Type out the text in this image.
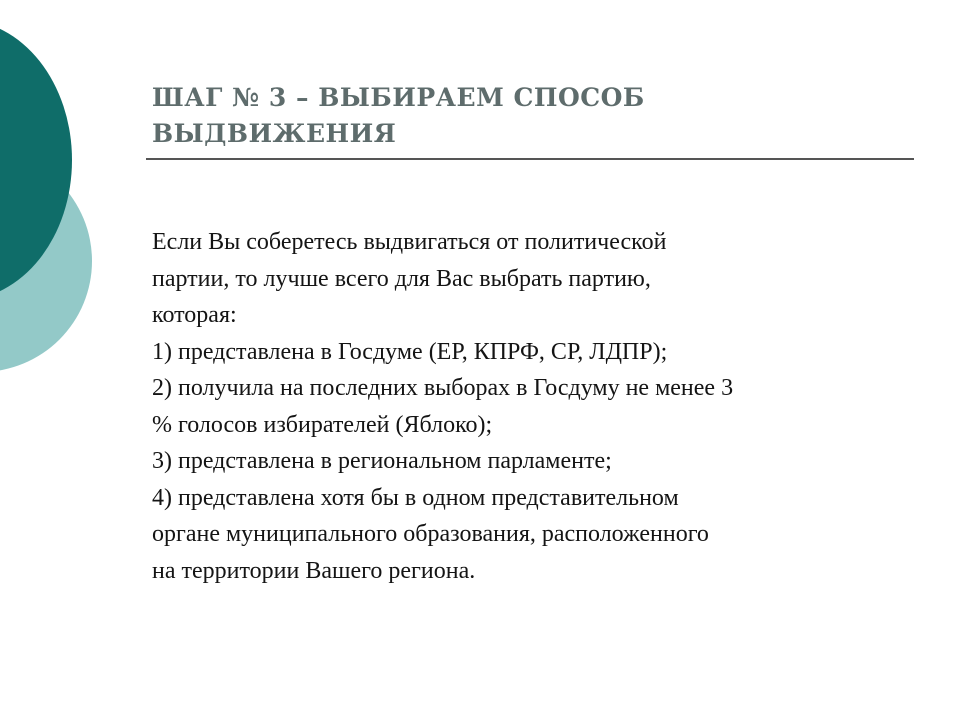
ШАГ № 3 – ВЫБИРАЕМ СПОСОБ
ВЫДВИЖЕНИЯ
Если Вы соберетесь выдвигаться от политической
партии, то лучше всего для Вас выбрать партию,
которая:
1) представлена в Госдуме (ЕР, КПРФ, СР, ЛДПР);
2) получила на последних выборах в Госдуму не менее 3
% голосов избирателей (Яблоко);
3) представлена в региональном парламенте;
4) представлена хотя бы в одном представительном
органе муниципального образования, расположенного
на территории Вашего региона.
